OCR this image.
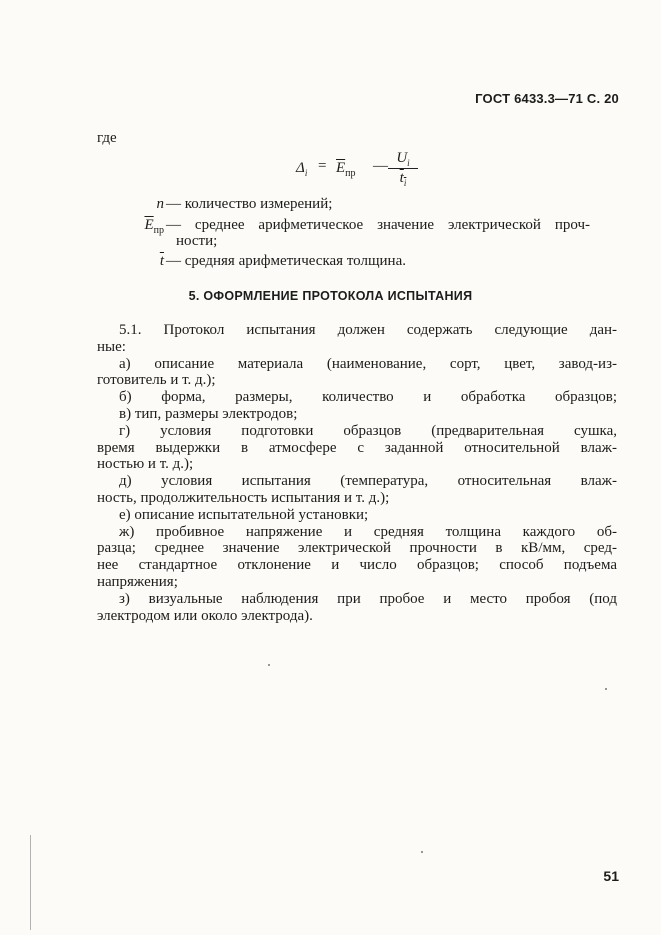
ГОСТ 6433.3—71 С. 20
где
$\Delta_i = \overline{E}_{пр}$ — $\frac{U_i}{t_i}$
n — количество измерений;
$\overline{E}_{пр}$ — среднее арифметическое значение электрической проч-
ности;
$\overline{t}$ — средняя арифметическая толщина.
5. ОФОРМЛЕНИЕ ПРОТОКОЛА ИСПЫТАНИЯ
5.1. Протокол испытания должен содержать следующие дан-
ные:
а) описание материала (наименование, сорт, цвет, завод-из-
готовитель и т. д.);
б) форма, размеры, количество и обработка образцов;
в) тип, размеры электродов;
г) условия подготовки образцов (предварительная сушка,
время выдержки в атмосфере с заданной относительной влаж-
ностью и т. д.);
д) условия испытания (температура, относительная влаж-
ность, продолжительность испытания и т. д.);
е) описание испытательной установки;
ж) пробивное напряжение и средняя толщина каждого об-
разца; среднее значение электрической прочности в кВ/мм, сред-
нее стандартное отклонение и число образцов; способ подъема
напряжения;
з) визуальные наблюдения при пробое и место пробоя (под
электродом или около электрода).
51
